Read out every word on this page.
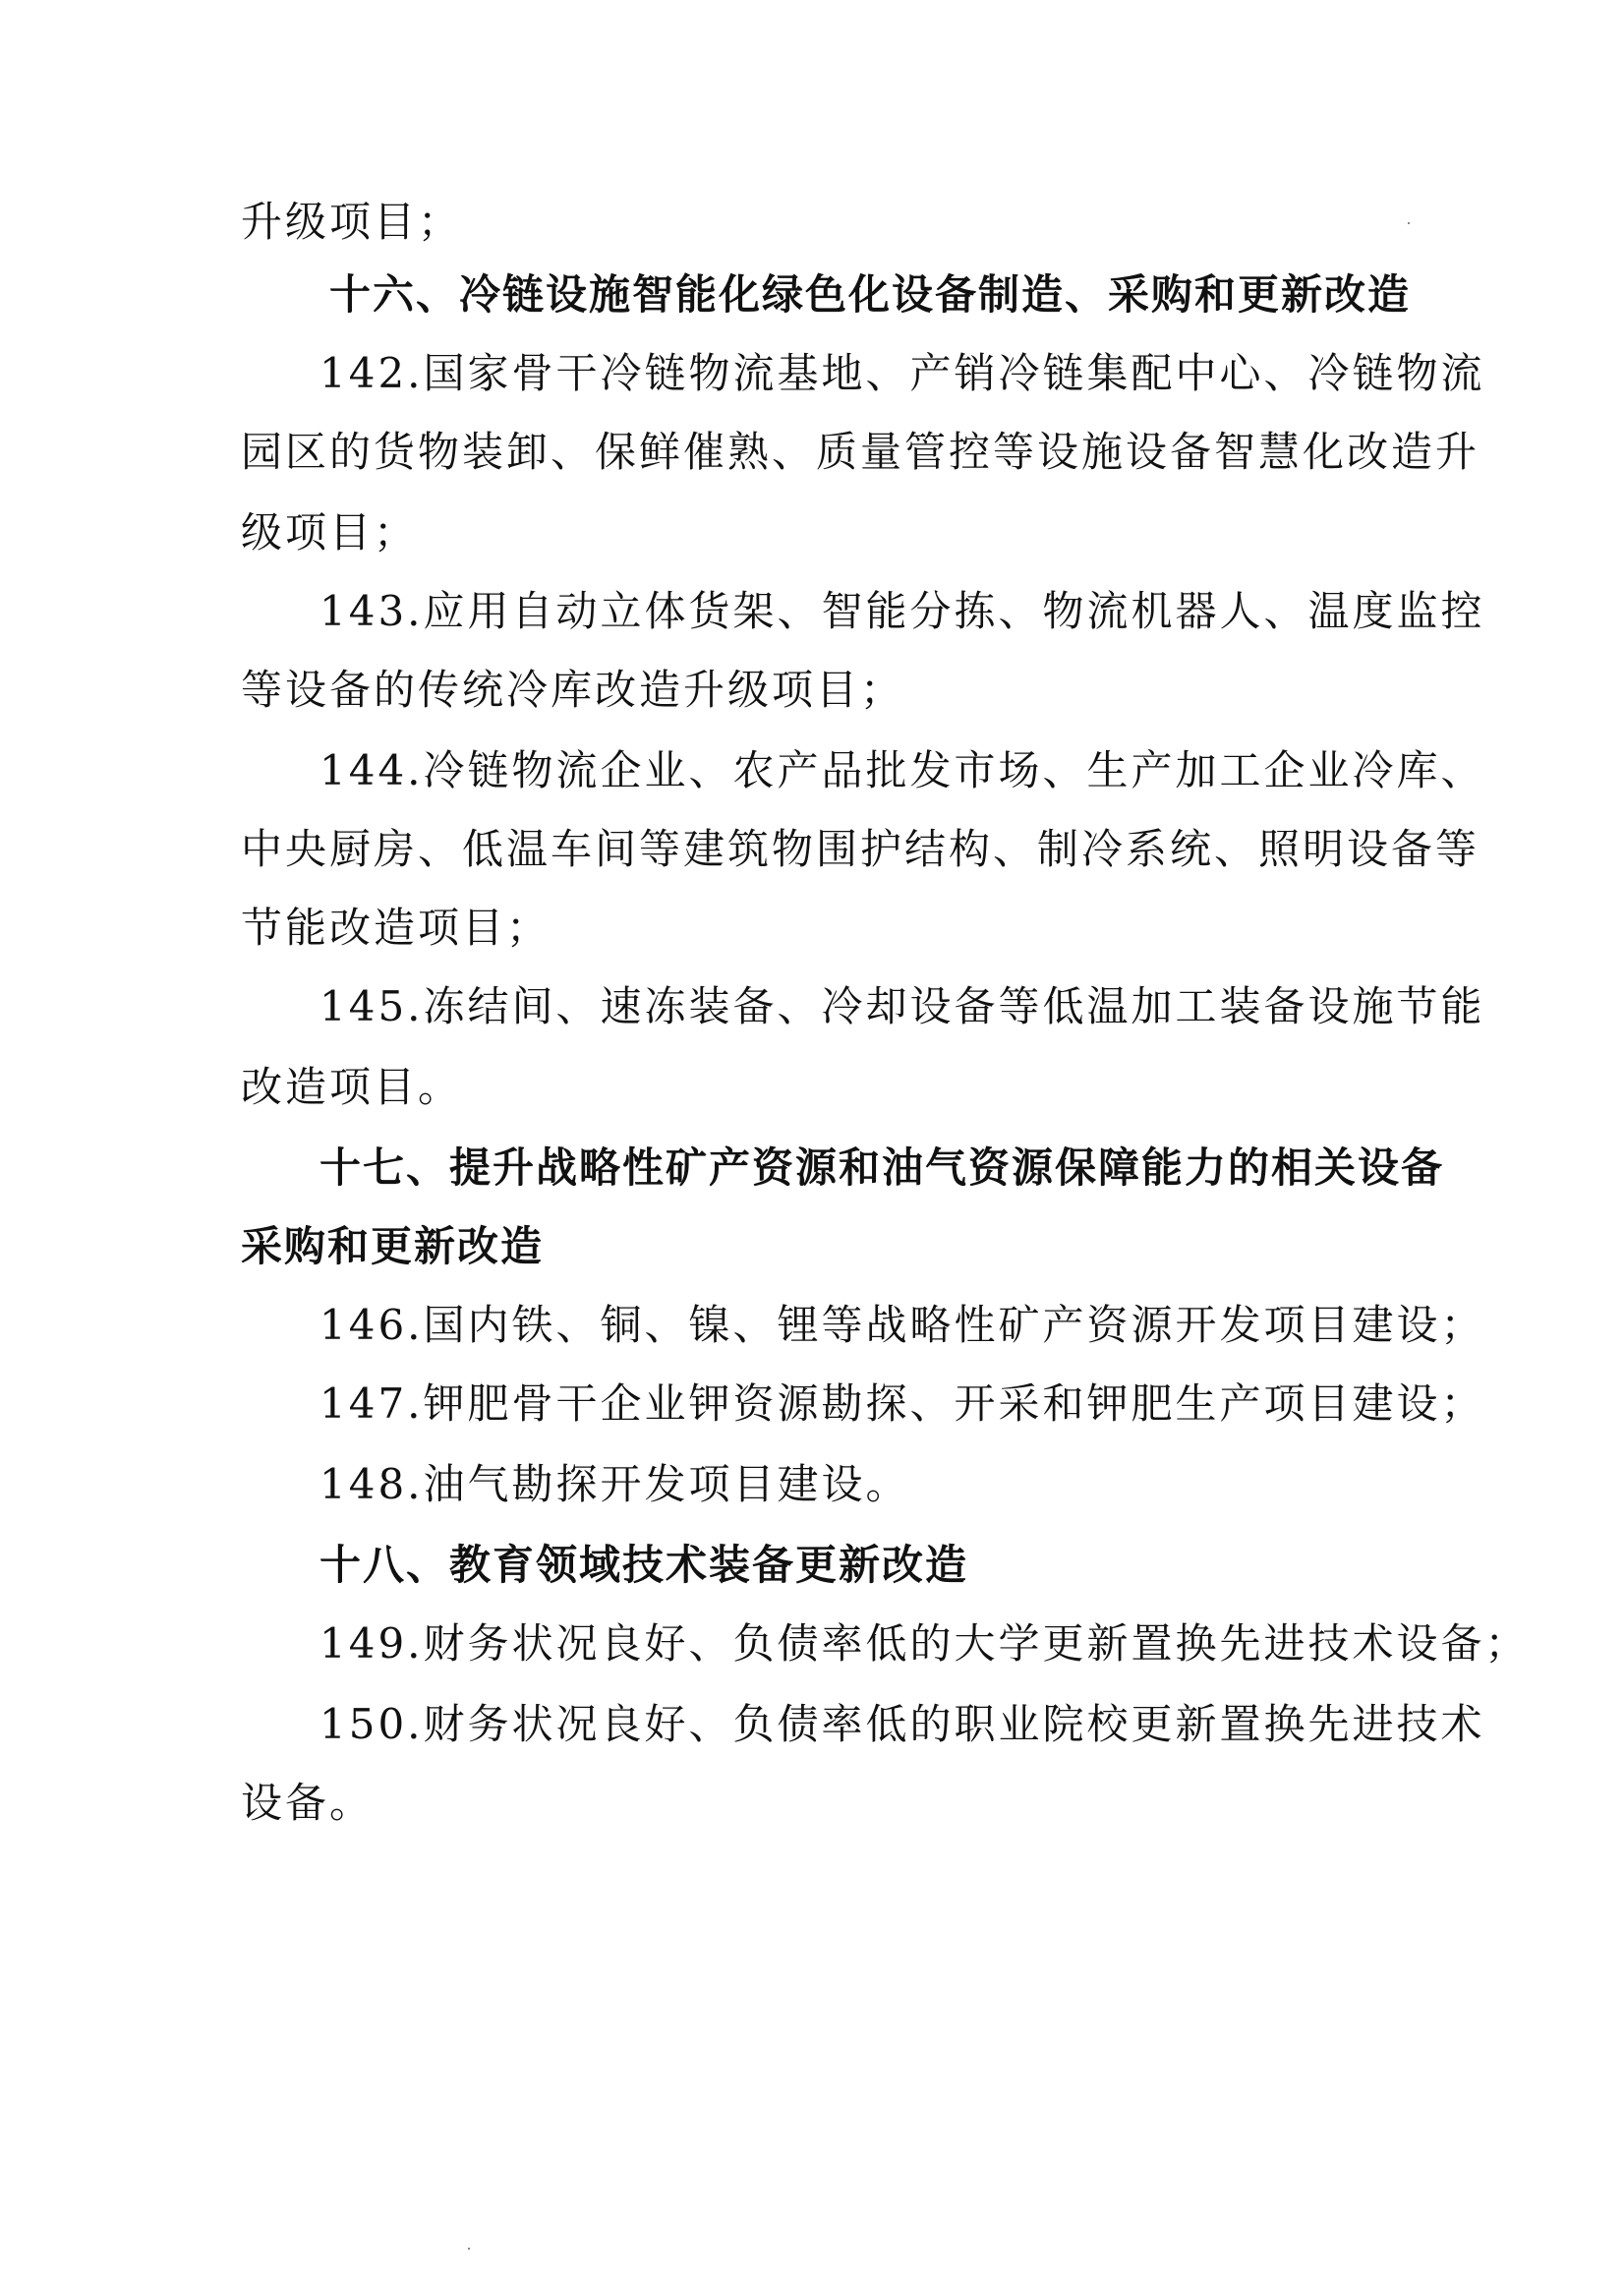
升级项目；
十六、冷链设施智能化绿色化设备制造、采购和更新改造
142.国家骨干冷链物流基地、产销冷链集配中心、冷链物流
园区的货物装卸、保鲜催熟、质量管控等设施设备智慧化改造升
级项目；
143.应用自动立体货架、智能分拣、物流机器人、温度监控
等设备的传统冷库改造升级项目；
144.冷链物流企业、农产品批发市场、生产加工企业冷库、
中央厨房、低温车间等建筑物围护结构、制冷系统、照明设备等
节能改造项目；
145.冻结间、速冻装备、冷却设备等低温加工装备设施节能
改造项目。
十七、提升战略性矿产资源和油气资源保障能力的相关设备
采购和更新改造
146.国内铁、铜、镍、锂等战略性矿产资源开发项目建设；
147.钾肥骨干企业钾资源勘探、开采和钾肥生产项目建设；
148.油气勘探开发项目建设。
十八、教育领域技术装备更新改造
149.财务状况良好、负债率低的大学更新置换先进技术设备；
150.财务状况良好、负债率低的职业院校更新置换先进技术
设备。
